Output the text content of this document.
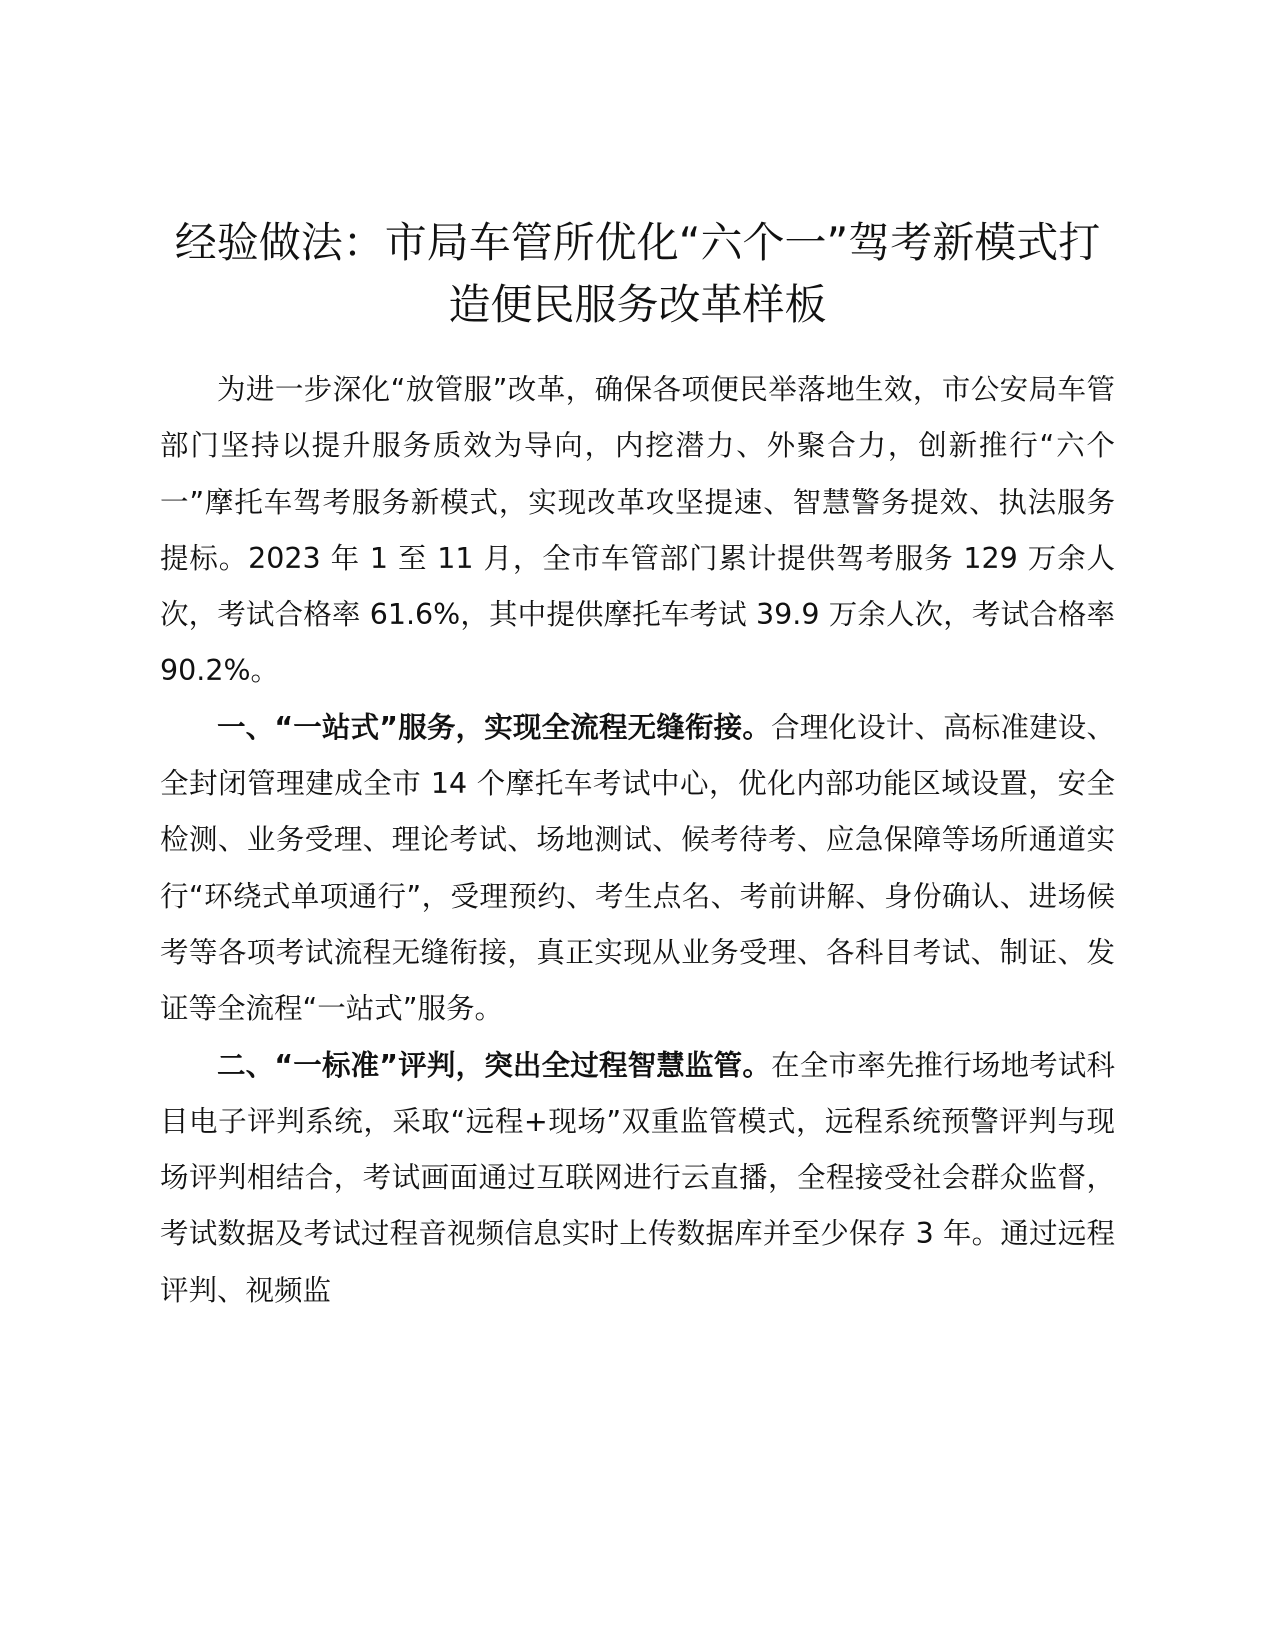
经验做法：市局车管所优化“六个一”驾考新模式打造便民服务改革样板

为进一步深化“放管服”改革，确保各项便民举落地生效，市公安局车管部门坚持以提升服务质效为导向，内挖潜力、外聚合力，创新推行“六个一”摩托车驾考服务新模式，实现改革攻坚提速、智慧警务提效、执法服务提标。2023 年 1 至 11 月，全市车管部门累计提供驾考服务 129 万余人次，考试合格率 61.6%，其中提供摩托车考试 39.9 万余人次，考试合格率 90.2%。

一、“一站式”服务，实现全流程无缝衔接。合理化设计、高标准建设、全封闭管理建成全市 14 个摩托车考试中心，优化内部功能区域设置，安全检测、业务受理、理论考试、场地测试、候考待考、应急保障等场所通道实行“环绕式单项通行”，受理预约、考生点名、考前讲解、身份确认、进场候考等各项考试流程无缝衔接，真正实现从业务受理、各科目考试、制证、发证等全流程“一站式”服务。

二、“一标准”评判，突出全过程智慧监管。在全市率先推行场地考试科目电子评判系统，采取“远程+现场”双重监管模式，远程系统预警评判与现场评判相结合，考试画面通过互联网进行云直播，全程接受社会群众监督，考试数据及考试过程音视频信息实时上传数据库并至少保存 3 年。通过远程评判、视频监
